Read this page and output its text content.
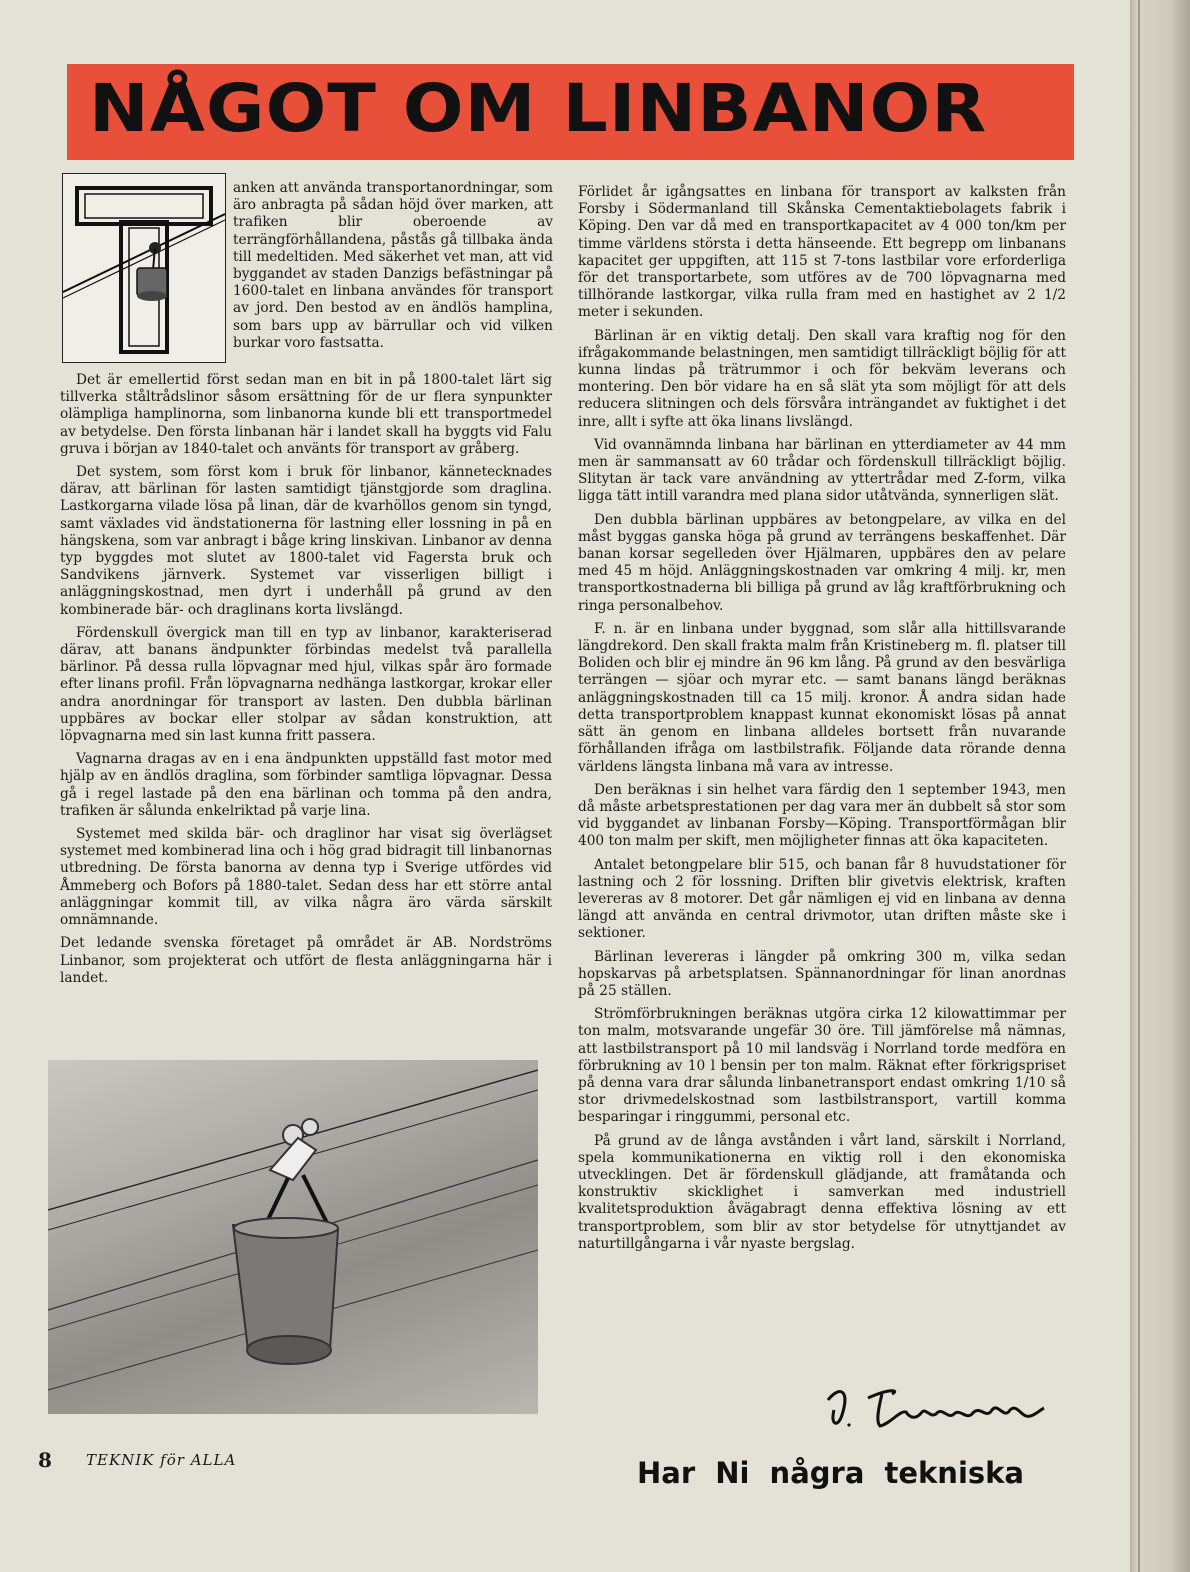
NÅGOT OM LINBANOR

anken att använda transportanordningar, som äro anbragta på sådan höjd över marken, att trafiken blir oberoende av terrängförhållandena, påstås gå tillbaka ända till medeltiden. Med säkerhet vet man, att vid byggandet av staden Danzigs befästningar på 1600-talet en linbana användes för transport av jord. Den bestod av en ändlös hamplina, som bars upp av bärrullar och vid vilken burkar voro fastsatta.

Det är emellertid först sedan man en bit in på 1800-talet lärt sig tillverka ståltrådslinor såsom ersättning för de ur flera synpunkter olämpliga hamplinorna, som linbanorna kunde bli ett transportmedel av betydelse. Den första linbanan här i landet skall ha byggts vid Falu gruva i början av 1840-talet och använts för transport av gråberg.

Det system, som först kom i bruk för linbanor, kännetecknades därav, att bärlinan för lasten samtidigt tjänstgjorde som draglina. Lastkorgarna vilade lösa på linan, där de kvarhöllos genom sin tyngd, samt växlades vid ändstationerna för lastning eller lossning in på en hängskena, som var anbragt i båge kring linskivan. Linbanor av denna typ byggdes mot slutet av 1800-talet vid Fagersta bruk och Sandvikens järnverk. Systemet var visserligen billigt i anläggningskostnad, men dyrt i underhåll på grund av den kombinerade bär- och draglinans korta livslängd.

Fördenskull övergick man till en typ av linbanor, karakteriserad därav, att banans ändpunkter förbindas medelst två parallella bärlinor. På dessa rulla löpvagnar med hjul, vilkas spår äro formade efter linans profil. Från löpvagnarna nedhänga lastkorgar, krokar eller andra anordningar för transport av lasten. Den dubbla bärlinan uppbäres av bockar eller stolpar av sådan konstruktion, att löpvagnarna med sin last kunna fritt passera.

Vagnarna dragas av en i ena ändpunkten uppställd fast motor med hjälp av en ändlös draglina, som förbinder samtliga löpvagnar. Dessa gå i regel lastade på den ena bärlinan och tomma på den andra, trafiken är sålunda enkelriktad på varje lina.

Systemet med skilda bär- och draglinor har visat sig överlägset systemet med kombinerad lina och i hög grad bidragit till linbanornas utbredning. De första banorna av denna typ i Sverige utfördes vid Åmmeberg och Bofors på 1880-talet. Sedan dess har ett större antal anläggningar kommit till, av vilka några äro värda särskilt omnämnande.

Det ledande svenska företaget på området är AB. Nordströms Linbanor, som projekterat och utfört de flesta anläggningarna här i landet.

Förlidet år igångsattes en linbana för transport av kalksten från Forsby i Södermanland till Skånska Cementaktiebolagets fabrik i Köping. Den var då med en transportkapacitet av 4 000 ton/km per timme världens största i detta hänseende. Ett begrepp om linbanans kapacitet ger uppgiften, att 115 st 7-tons lastbilar vore erforderliga för det transportarbete, som utföres av de 700 löpvagnarna med tillhörande lastkorgar, vilka rulla fram med en hastighet av 2 1/2 meter i sekunden.

Bärlinan är en viktig detalj. Den skall vara kraftig nog för den ifrågakommande belastningen, men samtidigt tillräckligt böjlig för att kunna lindas på trätrummor i och för bekväm leverans och montering. Den bör vidare ha en så slät yta som möjligt för att dels reducera slitningen och dels försvåra inträngandet av fuktighet i det inre, allt i syfte att öka linans livslängd.

Vid ovannämnda linbana har bärlinan en ytterdiameter av 44 mm men är sammansatt av 60 trådar och fördenskull tillräckligt böjlig. Slitytan är tack vare användning av yttertrådar med Z-form, vilka ligga tätt intill varandra med plana sidor utåtvända, synnerligen slät.

Den dubbla bärlinan uppbäres av betongpelare, av vilka en del måst byggas ganska höga på grund av terrängens beskaffenhet. Där banan korsar segelleden över Hjälmaren, uppbäres den av pelare med 45 m höjd. Anläggningskostnaden var omkring 4 milj. kr, men transportkostnaderna bli billiga på grund av låg kraftförbrukning och ringa personalbehov.

F. n. är en linbana under byggnad, som slår alla hittillsvarande längdrekord. Den skall frakta malm från Kristineberg m. fl. platser till Boliden och blir ej mindre än 96 km lång. På grund av den besvärliga terrängen — sjöar och myrar etc. — samt banans längd beräknas anläggningskostnaden till ca 15 milj. kronor. Å andra sidan hade detta transportproblem knappast kunnat ekonomiskt lösas på annat sätt än genom en linbana alldeles bortsett från nuvarande förhållanden ifråga om lastbilstrafik. Följande data rörande denna världens längsta linbana må vara av intresse.

Den beräknas i sin helhet vara färdig den 1 september 1943, men då måste arbetsprestationen per dag vara mer än dubbelt så stor som vid byggandet av linbanan Forsby—Köping. Transportförmågan blir 400 ton malm per skift, men möjligheter finnas att öka kapaciteten.

Antalet betongpelare blir 515, och banan får 8 huvudstationer för lastning och 2 för lossning. Driften blir givetvis elektrisk, kraften levereras av 8 motorer. Det går nämligen ej vid en linbana av denna längd att använda en central drivmotor, utan driften måste ske i sektioner.

Bärlinan levereras i längder på omkring 300 m, vilka sedan hopskarvas på arbetsplatsen. Spännanordningar för linan anordnas på 25 ställen.

Strömförbrukningen beräknas utgöra cirka 12 kilowattimmar per ton malm, motsvarande ungefär 30 öre. Till jämförelse må nämnas, att lastbilstransport på 10 mil landsväg i Norrland torde medföra en förbrukning av 10 l bensin per ton malm. Räknat efter förkrigspriset på denna vara drar sålunda linbanetransport endast omkring 1/10 så stor drivmedelskostnad som lastbilstransport, vartill komma besparingar i ringgummi, personal etc.

På grund av de långa avstånden i vårt land, särskilt i Norrland, spela kommunikationerna en viktig roll i den ekonomiska utvecklingen. Det är fördenskull glädjande, att framåtanda och konstruktiv skicklighet i samverkan med industriell kvalitetsproduktion åvägabragt denna effektiva lösning av ett transportproblem, som blir av stor betydelse för utnyttjandet av naturtillgångarna i vår nyaste bergslag.

8 TEKNIK för ALLA	Har Ni några tekniska
